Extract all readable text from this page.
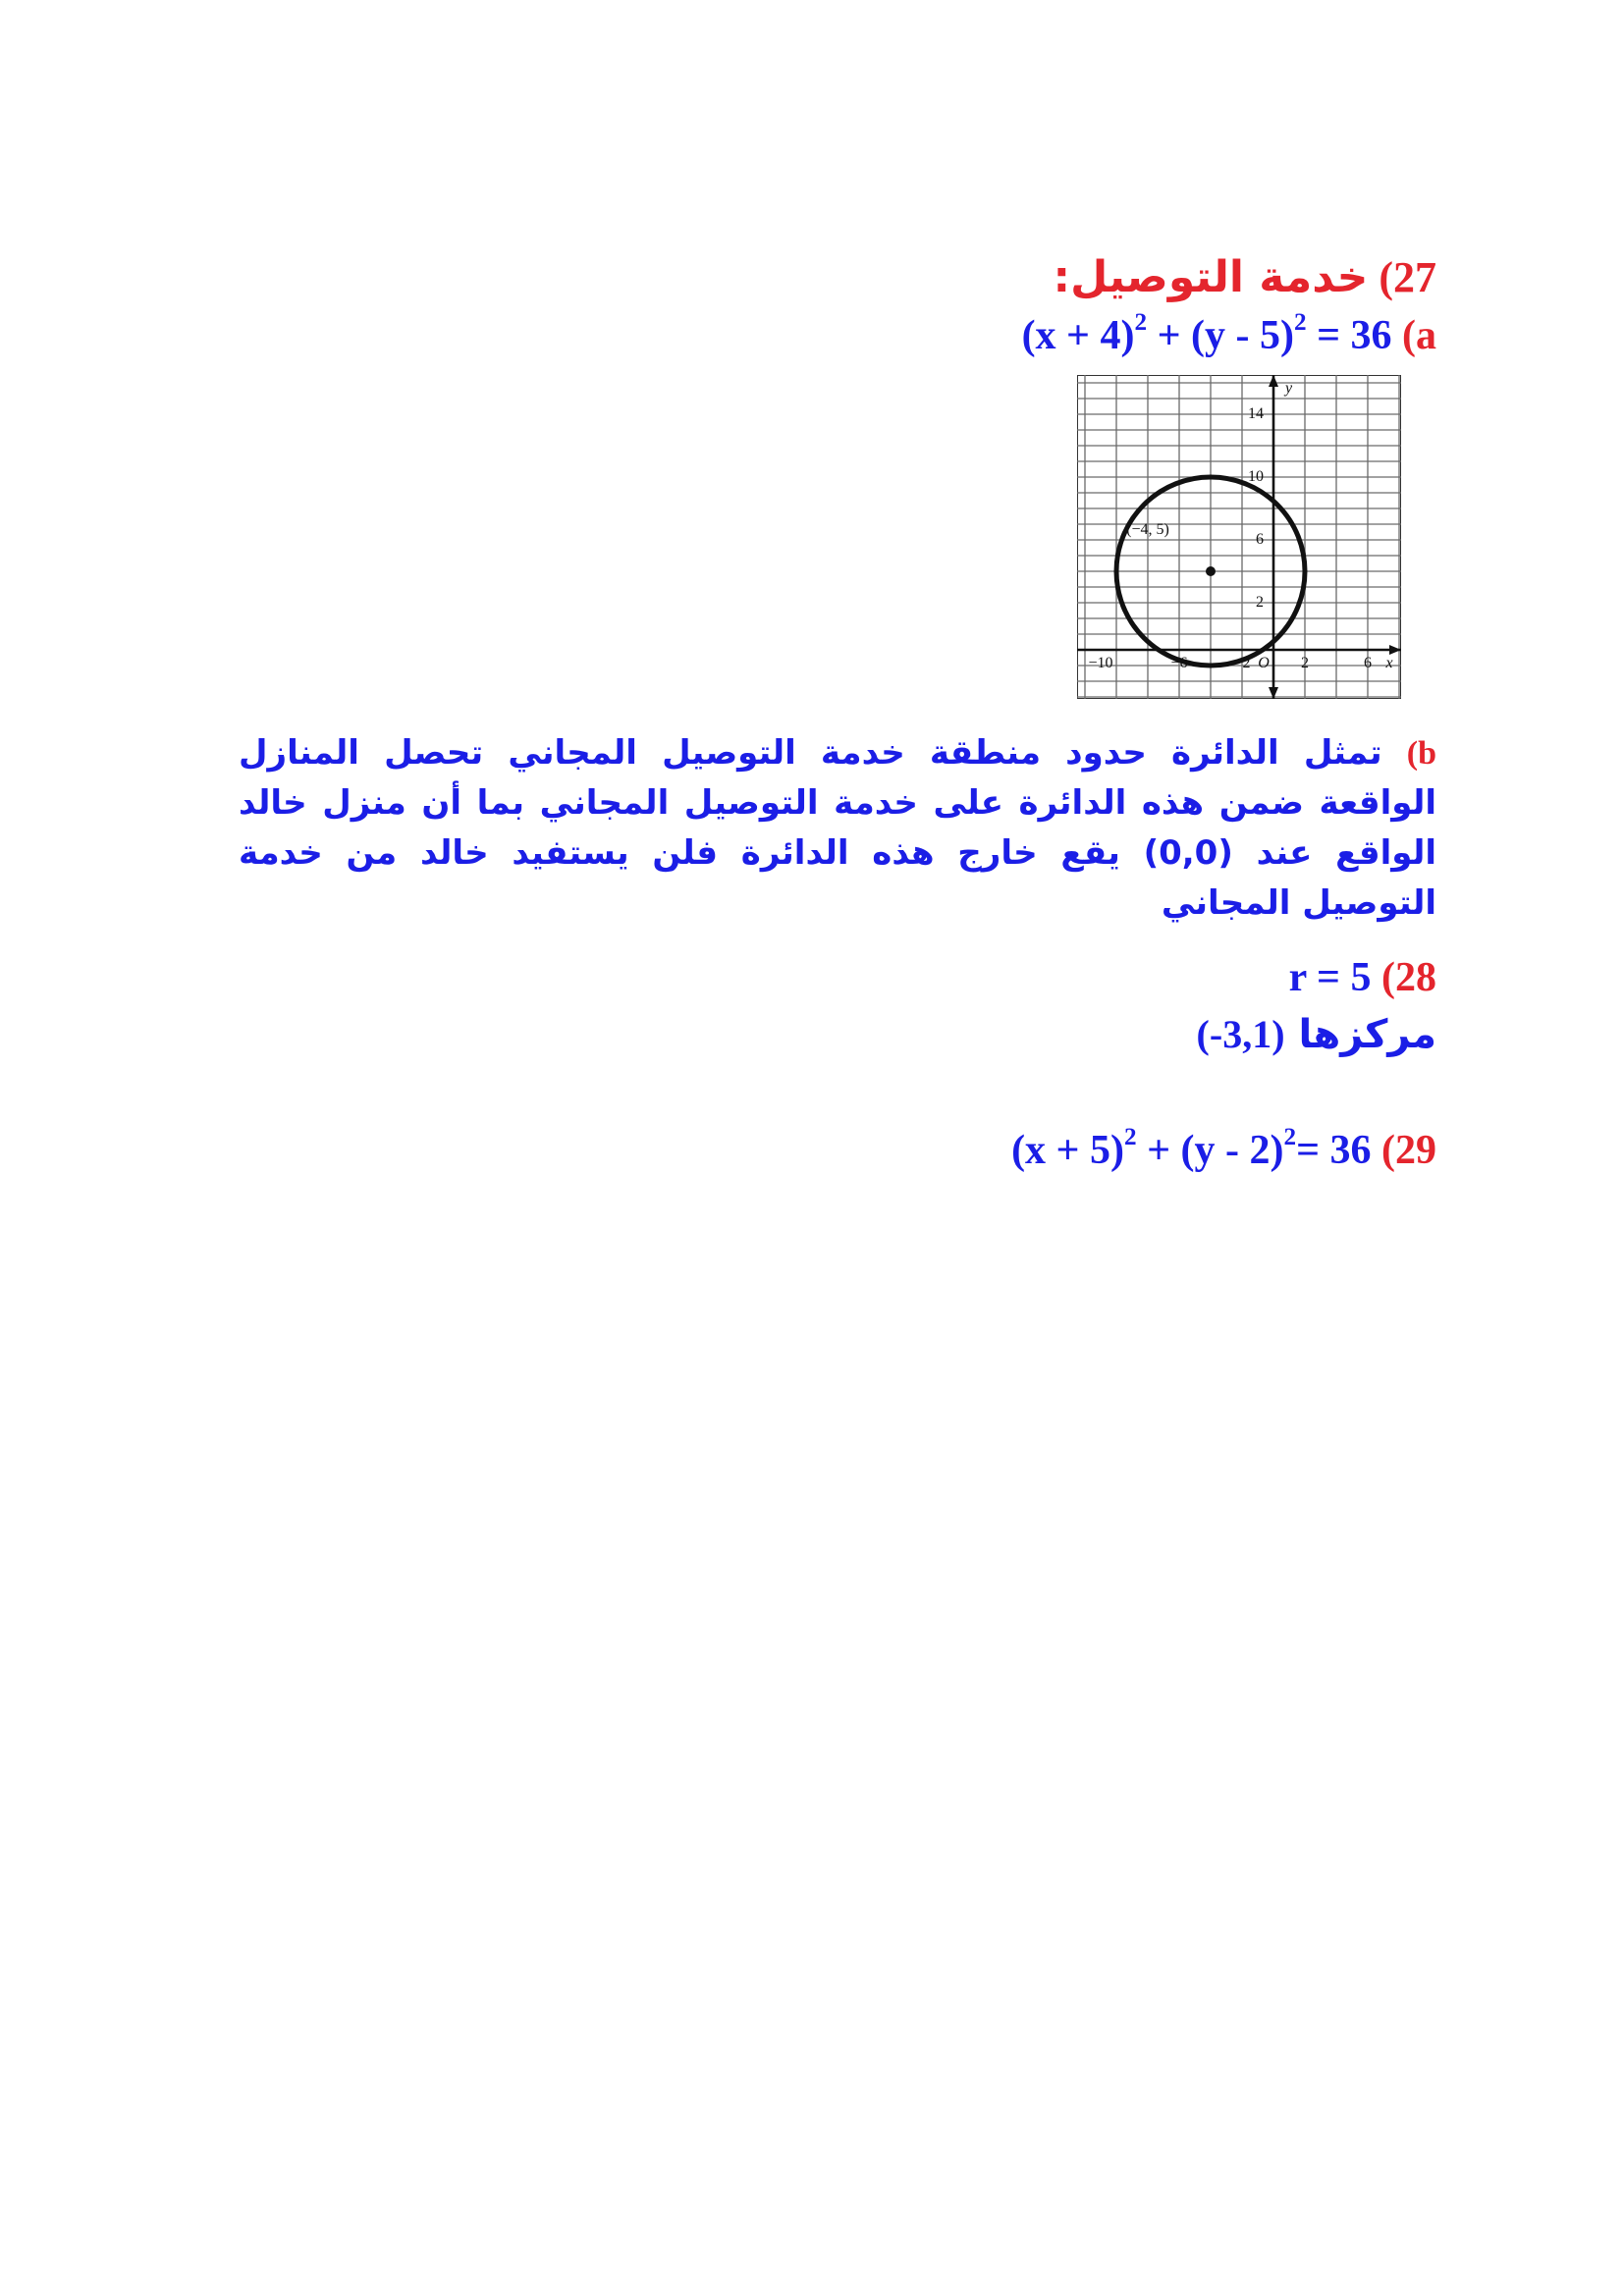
27) خدمة التوصيل:
$(x + 4)^2 + (y - 5)^2 = 36$ (a
(−4, 5)
14
10
6
2
−10	−6	−2 O 2	6 x
y
b) تمثل الدائرة حدود منطقة خدمة التوصيل المجاني تحصل المنازل الواقعة ضمن هذه الدائرة على خدمة التوصيل المجاني بما أن منزل خالد الواقع عند (0,0) يقع خارج هذه الدائرة فلن يستفيد خالد من خدمة التوصيل المجاني
r = 5 (28
مركزها (-3,1)
$(x + 5)^2 + (y - 2)^2= 36$ (29
